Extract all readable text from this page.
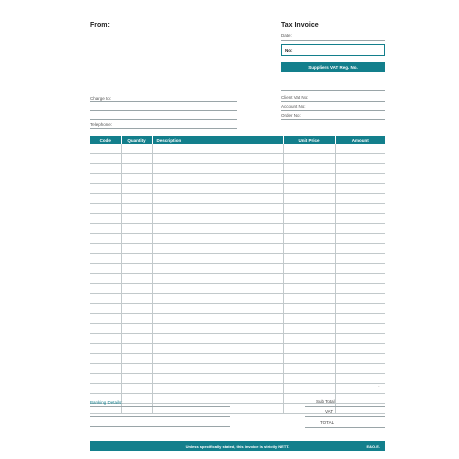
From:	Tax Invoice
Date:
No:
Suppliers VAT Reg. No.
Charge to:
Telephone:
Client Vat No:
Account No:
Order No:
Code	Quantity	Description	Unit Price	Amount

~
Banking Details:	Sub Total
VAT
TOTAL
Unless specifically stated, this invoice is strictly NETT.	E&O.E.
